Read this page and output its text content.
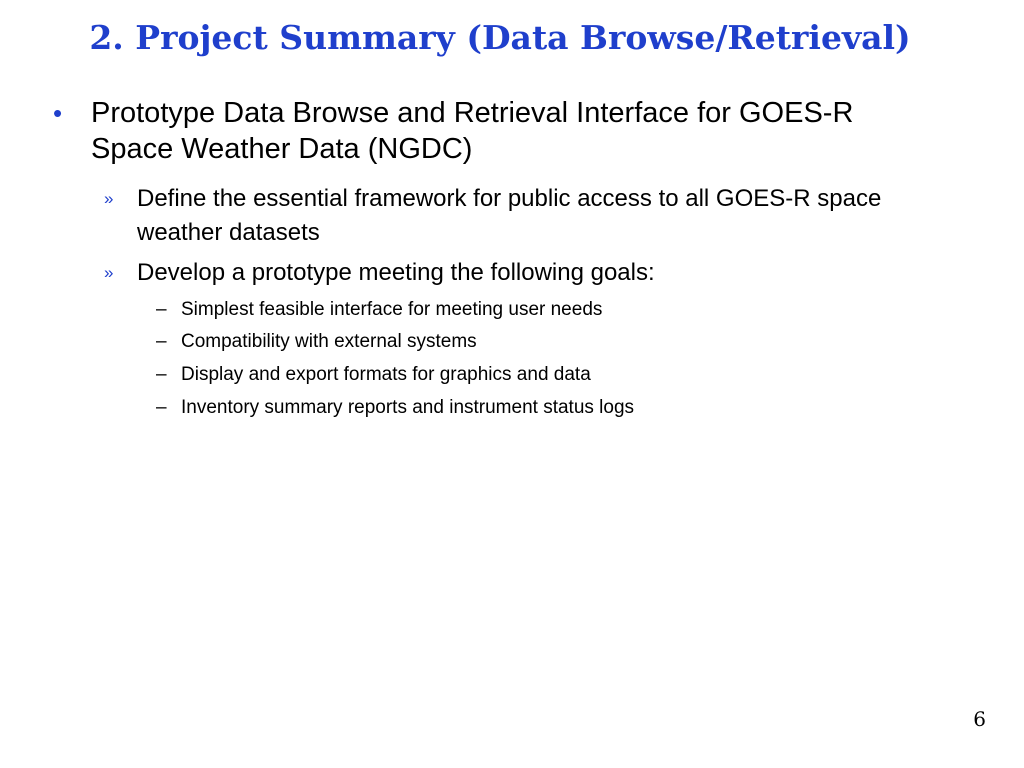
2. Project Summary (Data Browse/Retrieval)
• Prototype Data Browse and Retrieval Interface for GOES-R Space Weather Data (NGDC)
» Define the essential framework for public access to all GOES-R space weather datasets
» Develop a prototype meeting the following goals:
– Simplest feasible interface for meeting user needs
– Compatibility with external systems
– Display and export formats for graphics and data
– Inventory summary reports and instrument status logs
6
